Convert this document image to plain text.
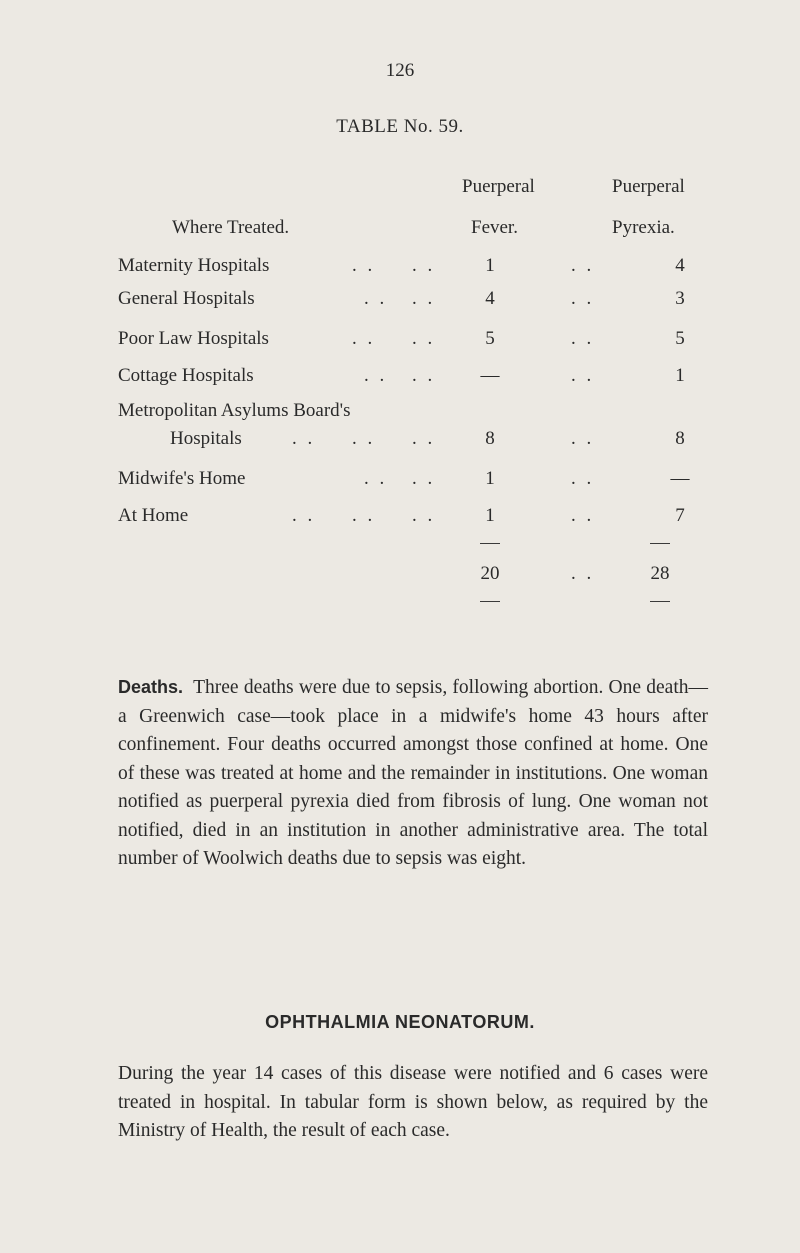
126
TABLE No. 59.
Puerperal	Puerperal
Where Treated.	Fever.	Pyrexia.
Maternity Hospitals	. . . .	1	. .	4
General Hospitals	. . . .	4	. .	3
Poor Law Hospitals	. . . .	5	. .	5
Cottage Hospitals	. . . .	—	. .	1
Metropolitan Asylums Board's
Hospitals	. . . . . .	8	. .	8
Midwife's Home	. . . .	1	. .	—
At Home	. . . . . .	1	. .	7
20	. .	28
Deaths. Three deaths were due to sepsis, following abortion. One death—a Greenwich case—took place in a midwife's home 43 hours after confinement. Four deaths occurred amongst those confined at home. One of these was treated at home and the remainder in institutions. One woman notified as puerperal pyrexia died from fibrosis of lung. One woman not notified, died in an institution in another administrative area. The total number of Woolwich deaths due to sepsis was eight.
OPHTHALMIA NEONATORUM.
During the year 14 cases of this disease were notified and 6 cases were treated in hospital. In tabular form is shown below, as required by the Ministry of Health, the result of each case.
